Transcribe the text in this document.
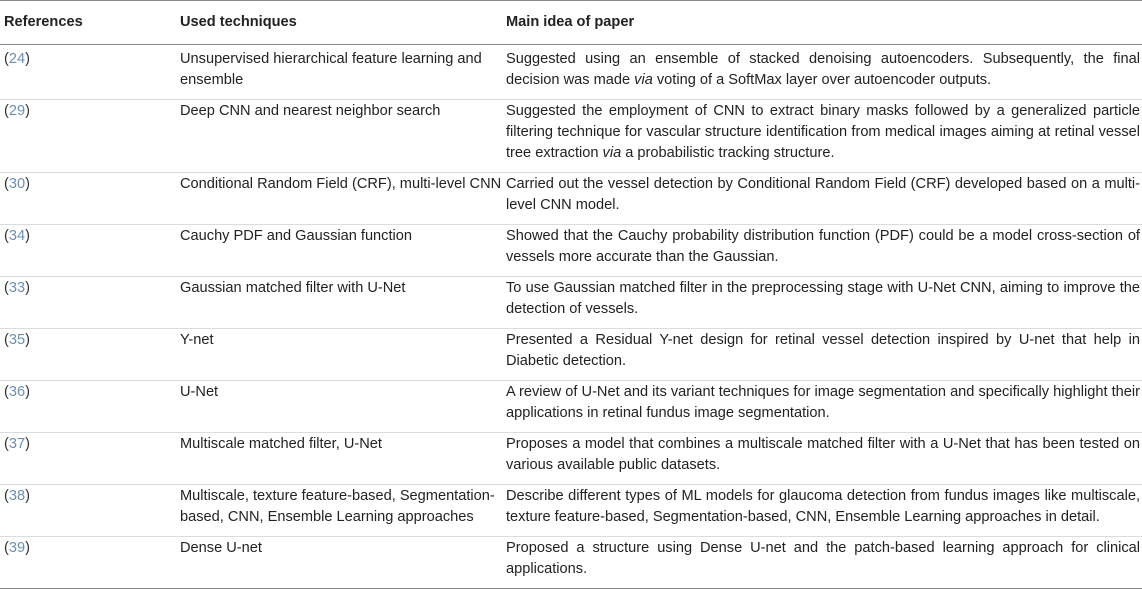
References	Used techniques	Main idea of paper
(24)	Unsupervised hierarchical feature learning and ensemble	Suggested using an ensemble of stacked denoising autoencoders. Subsequently, the final decision was made via voting of a SoftMax layer over autoencoder outputs.
(29)	Deep CNN and nearest neighbor search	Suggested the employment of CNN to extract binary masks followed by a generalized particle filtering technique for vascular structure identification from medical images aiming at retinal vessel tree extraction via a probabilistic tracking structure.
(30)	Conditional Random Field (CRF), multi-level CNN	Carried out the vessel detection by Conditional Random Field (CRF) developed based on a multi-level CNN model.
(34)	Cauchy PDF and Gaussian function	Showed that the Cauchy probability distribution function (PDF) could be a model cross-section of vessels more accurate than the Gaussian.
(33)	Gaussian matched filter with U-Net	To use Gaussian matched filter in the preprocessing stage with U-Net CNN, aiming to improve the detection of vessels.
(35)	Y-net	Presented a Residual Y-net design for retinal vessel detection inspired by U-net that help in Diabetic detection.
(36)	U-Net	A review of U-Net and its variant techniques for image segmentation and specifically highlight their applications in retinal fundus image segmentation.
(37)	Multiscale matched filter, U-Net	Proposes a model that combines a multiscale matched filter with a U-Net that has been tested on various available public datasets.
(38)	Multiscale, texture feature-based, Segmentation-based, CNN, Ensemble Learning approaches	Describe different types of ML models for glaucoma detection from fundus images like multiscale, texture feature-based, Segmentation-based, CNN, Ensemble Learning approaches in detail.
(39)	Dense U-net	Proposed a structure using Dense U-net and the patch-based learning approach for clinical applications.
